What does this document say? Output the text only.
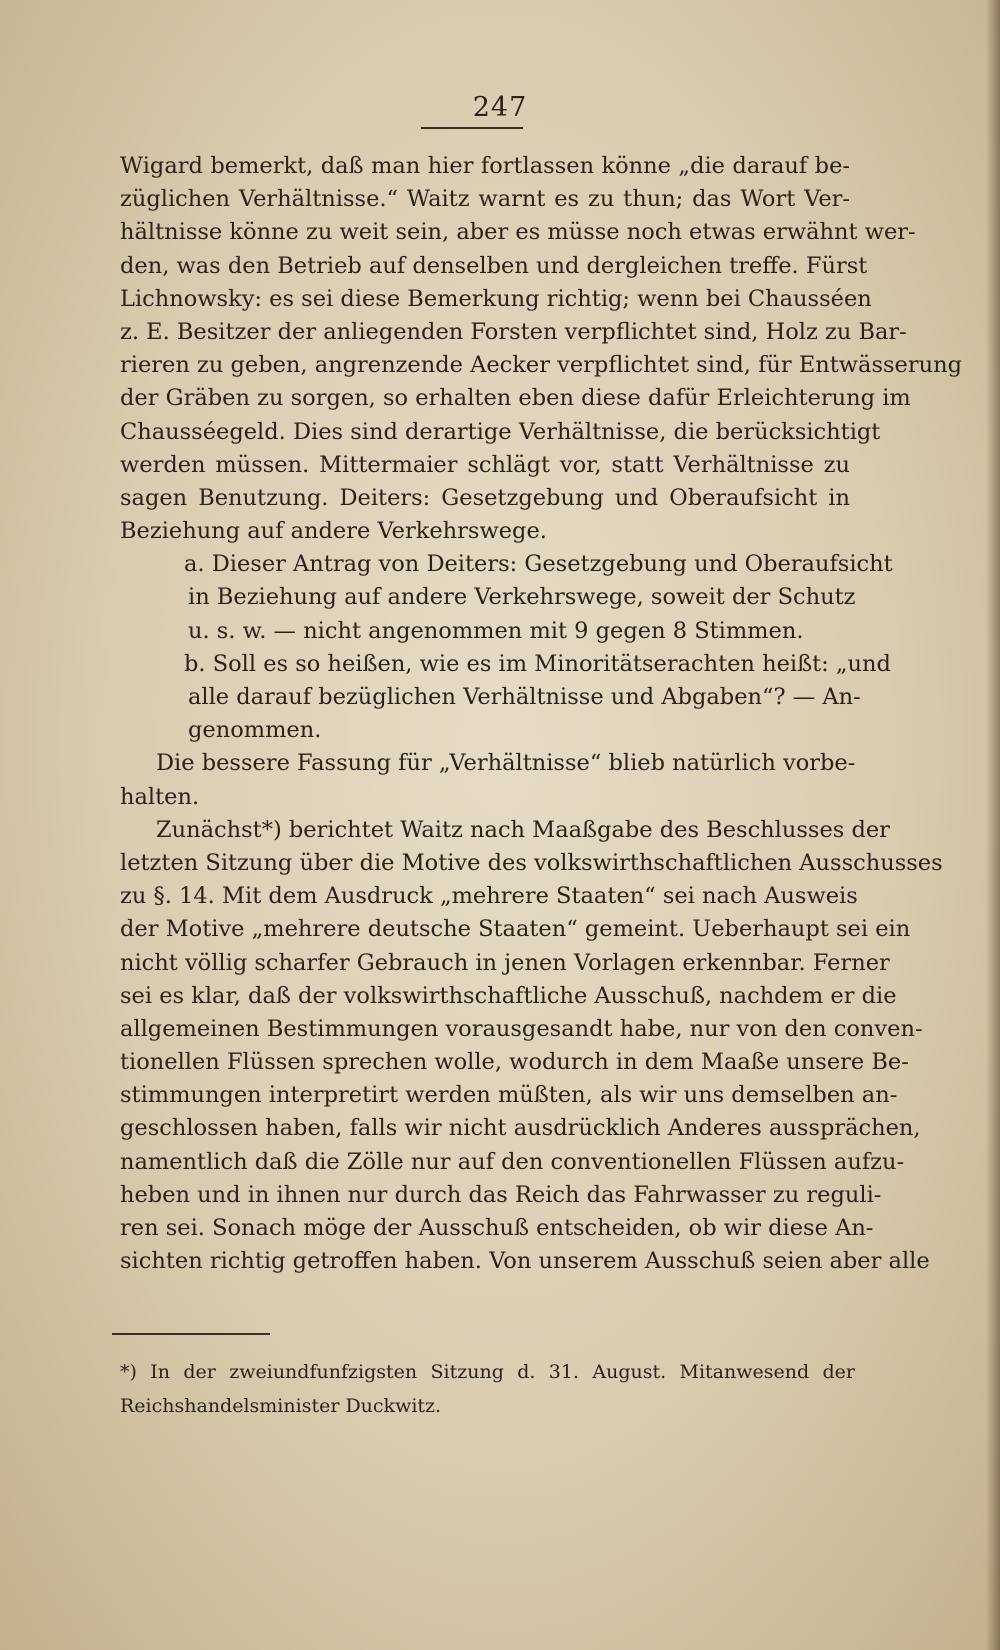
247
Wigard bemerkt, daß man hier fortlassen könne „die darauf be-
züglichen Verhältnisse.“ Waitz warnt es zu thun; das Wort Ver-
hältnisse könne zu weit sein, aber es müsse noch etwas erwähnt wer-
den, was den Betrieb auf denselben und dergleichen treffe. Fürst
Lichnowsky: es sei diese Bemerkung richtig; wenn bei Chausséen
z. E. Besitzer der anliegenden Forsten verpflichtet sind, Holz zu Bar-
rieren zu geben, angrenzende Aecker verpflichtet sind, für Entwässerung
der Gräben zu sorgen, so erhalten eben diese dafür Erleichterung im
Chausséegeld. Dies sind derartige Verhältnisse, die berücksichtigt
werden müssen. Mittermaier schlägt vor, statt Verhältnisse zu
sagen Benutzung. Deiters: Gesetzgebung und Oberaufsicht in
Beziehung auf andere Verkehrswege.
a. Dieser Antrag von Deiters: Gesetzgebung und Oberaufsicht
in Beziehung auf andere Verkehrswege, soweit der Schutz
u. s. w. — nicht angenommen mit 9 gegen 8 Stimmen.
b. Soll es so heißen, wie es im Minoritätserachten heißt: „und
alle darauf bezüglichen Verhältnisse und Abgaben“? — An-
genommen.
Die bessere Fassung für „Verhältnisse“ blieb natürlich vorbe-
halten.
Zunächst*) berichtet Waitz nach Maaßgabe des Beschlusses der
letzten Sitzung über die Motive des volkswirthschaftlichen Ausschusses
zu §. 14. Mit dem Ausdruck „mehrere Staaten“ sei nach Ausweis
der Motive „mehrere deutsche Staaten“ gemeint. Ueberhaupt sei ein
nicht völlig scharfer Gebrauch in jenen Vorlagen erkennbar. Ferner
sei es klar, daß der volkswirthschaftliche Ausschuß, nachdem er die
allgemeinen Bestimmungen vorausgesandt habe, nur von den conven-
tionellen Flüssen sprechen wolle, wodurch in dem Maaße unsere Be-
stimmungen interpretirt werden müßten, als wir uns demselben an-
geschlossen haben, falls wir nicht ausdrücklich Anderes aussprächen,
namentlich daß die Zölle nur auf den conventionellen Flüssen aufzu-
heben und in ihnen nur durch das Reich das Fahrwasser zu reguli-
ren sei. Sonach möge der Ausschuß entscheiden, ob wir diese An-
sichten richtig getroffen haben. Von unserem Ausschuß seien aber alle
*) In der zweiundfunfzigsten Sitzung d. 31. August. Mitanwesend der
Reichshandelsminister Duckwitz.
